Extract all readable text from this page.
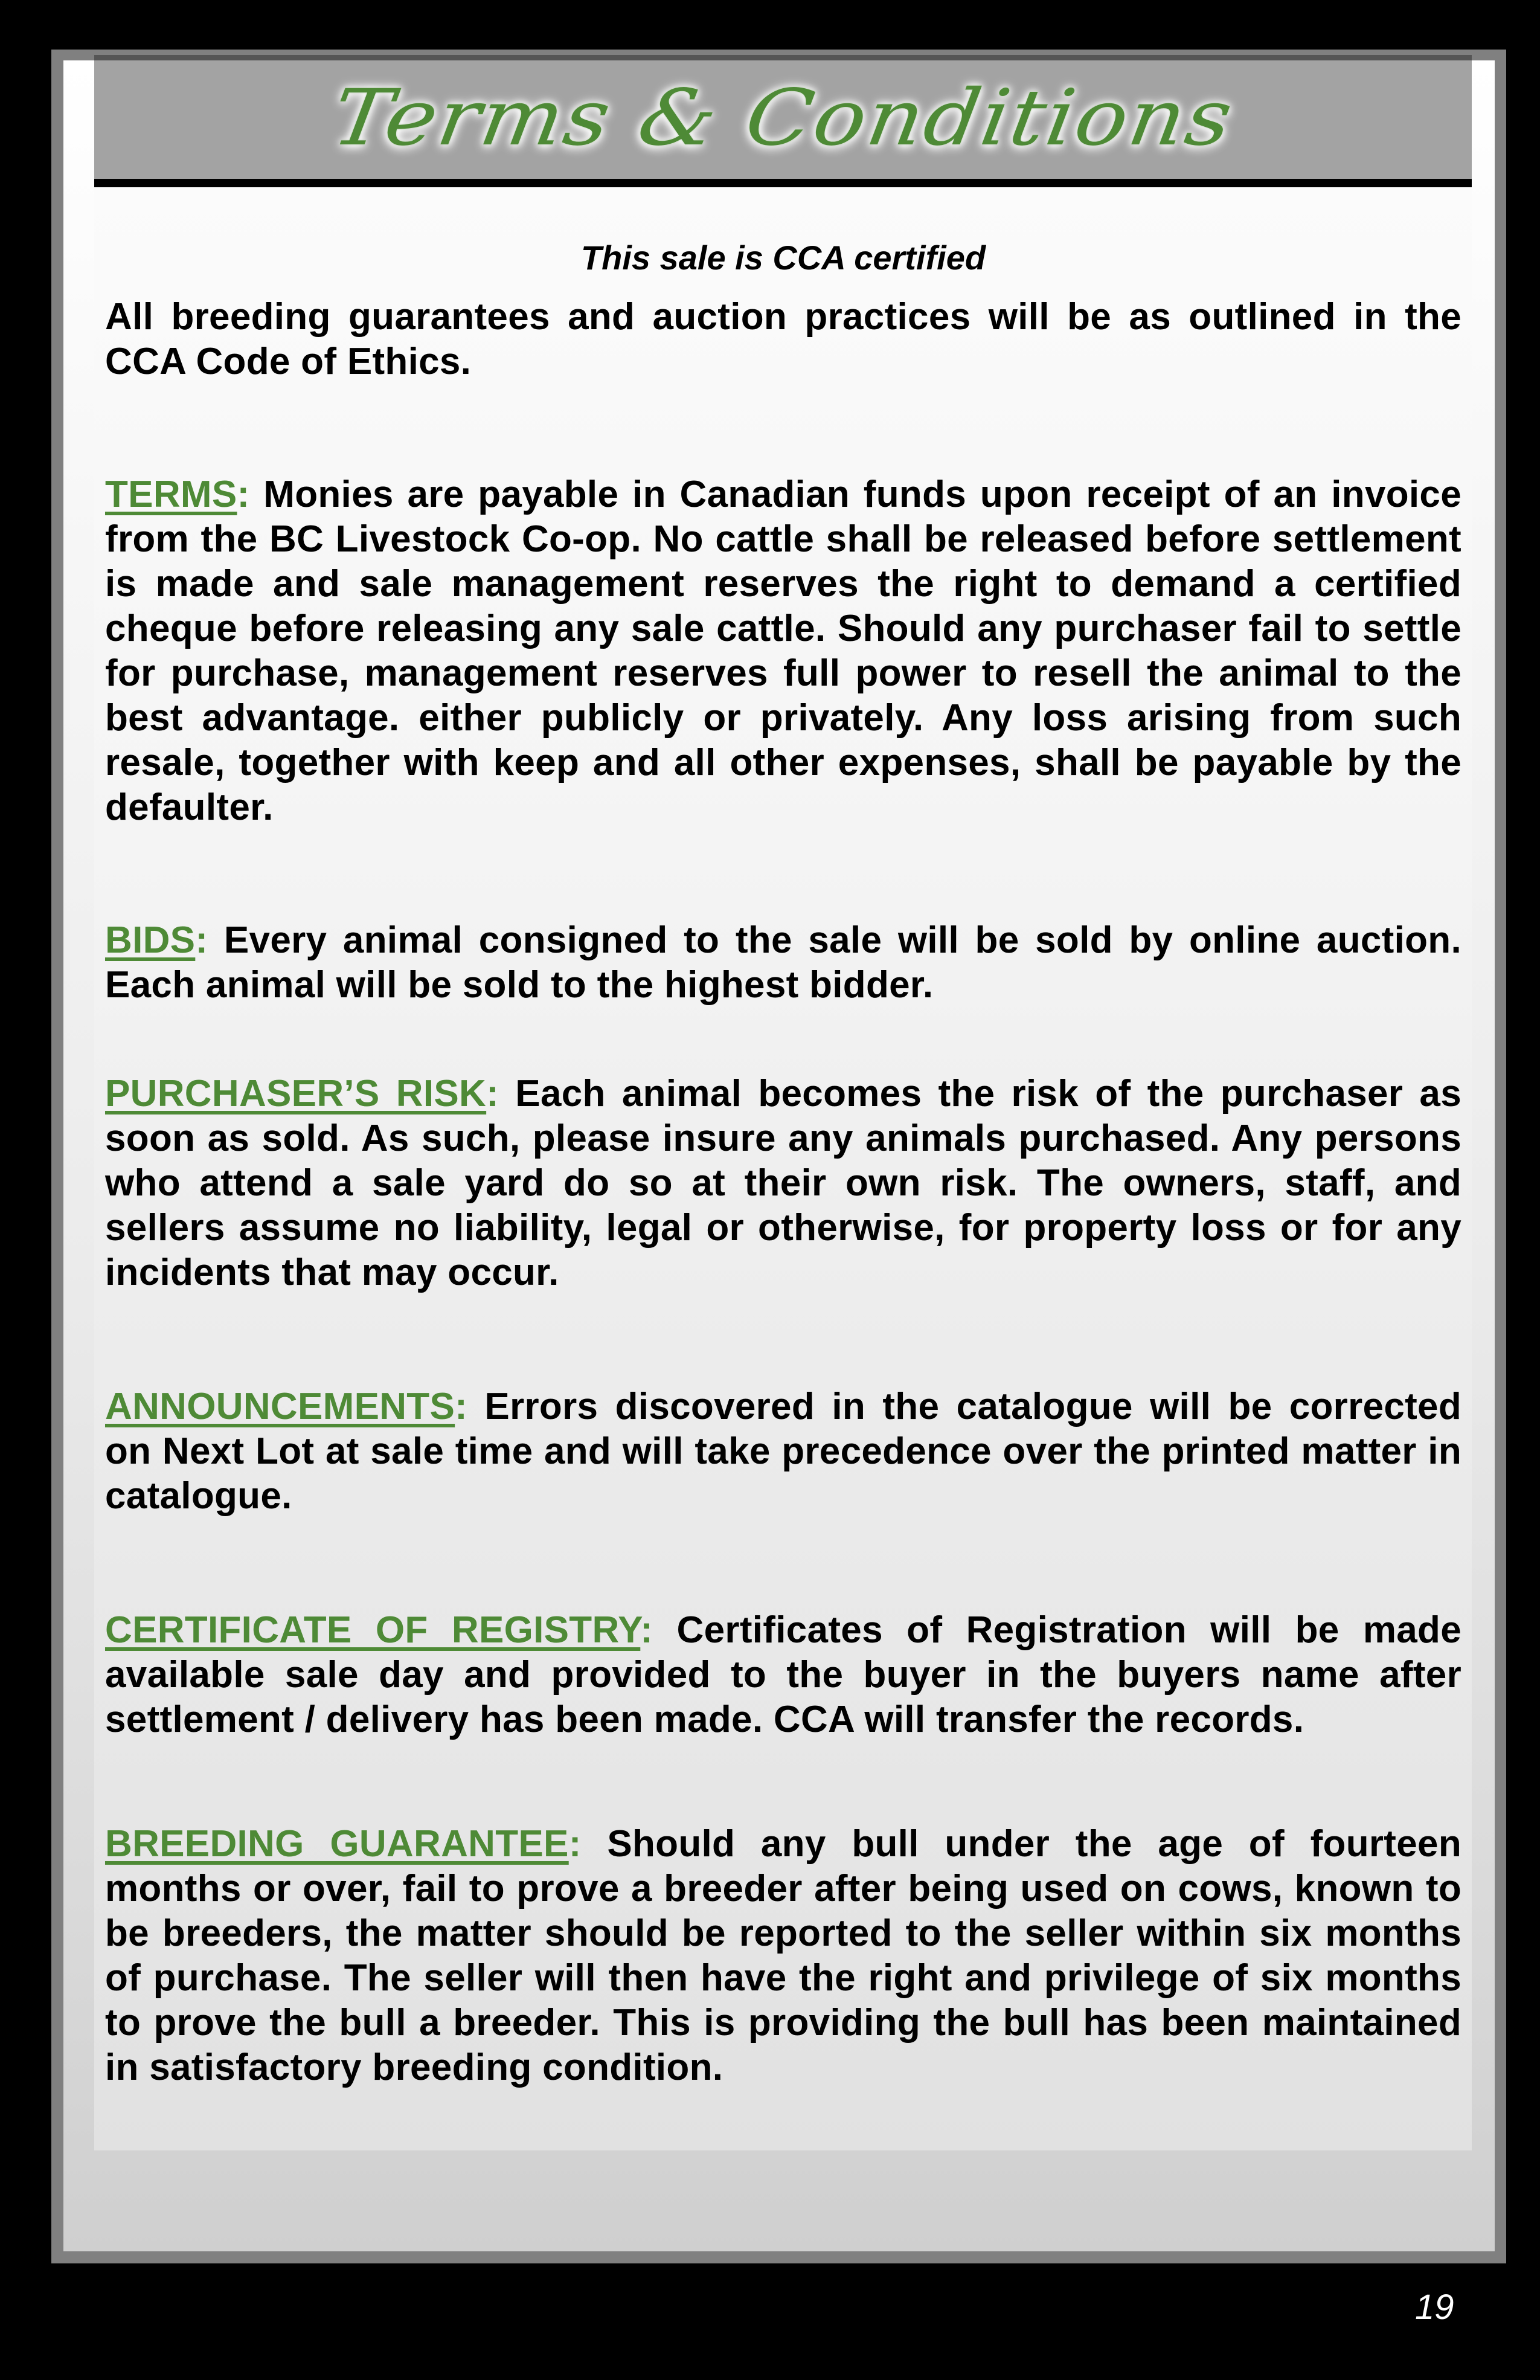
Terms & Conditions
This sale is CCA certified
All breeding guarantees and auction practices will be as outlined in the CCA Code of Ethics.
TERMS: Monies are payable in Canadian funds upon receipt of an invoice from the BC Livestock Co-op. No cattle shall be released before settlement is made and sale management reserves the right to demand a certified cheque before releasing any sale cattle. Should any purchaser fail to settle for purchase, management reserves full power to resell the animal to the best advantage. either publicly or privately. Any loss arising from such resale, together with keep and all other expenses, shall be payable by the defaulter.
BIDS: Every animal consigned to the sale will be sold by online auction. Each animal will be sold to the highest bidder.
PURCHASER’S RISK: Each animal becomes the risk of the purchaser as soon as sold. As such, please insure any animals purchased. Any persons who attend a sale yard do so at their own risk. The owners, staff, and sellers assume no liability, legal or otherwise, for property loss or for any incidents that may occur.
ANNOUNCEMENTS: Errors discovered in the catalogue will be corrected on Next Lot at sale time and will take precedence over the printed matter in catalogue.
CERTIFICATE OF REGISTRY: Certificates of Registration will be made available sale day and provided to the buyer in the buyers name after settlement / delivery has been made. CCA will transfer the records.
BREEDING GUARANTEE: Should any bull under the age of fourteen months or over, fail to prove a breeder after being used on cows, known to be breeders, the matter should be reported to the seller within six months of purchase. The seller will then have the right and privilege of six months to prove the bull a breeder. This is providing the bull has been maintained in satisfactory breeding condition.
19
